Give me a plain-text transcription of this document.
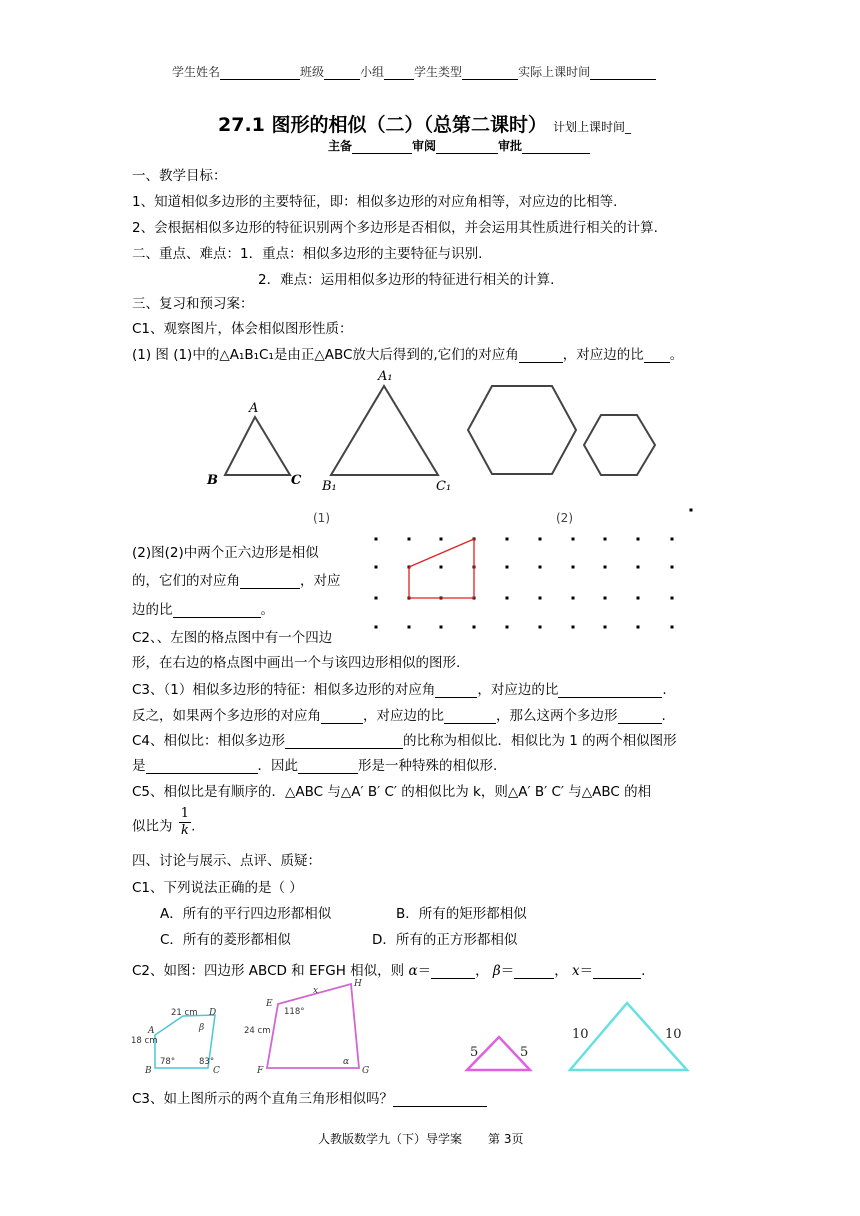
学生姓名	班级	小组	学生类型	实际上课时间
27.1 图形的相似（二）（总第二课时） 计划上课时间_
主备	审阅	审批
一、教学目标：
1、知道相似多边形的主要特征，即：相似多边形的对应角相等，对应边的比相等.
2、会根据相似多边形的特征识别两个多边形是否相似，并会运用其性质进行相关的计算.
二、重点、难点：1．重点：相似多边形的主要特征与识别.
2．难点：运用相似多边形的特征进行相关的计算.
三、复习和预习案：
C1、观察图片，体会相似图形性质：
(1) 图 (1)中的△A₁B₁C₁是由正△ABC放大后得到的,它们的对应角	，对应边的比 。
A
B	C
A₁
B₁	C₁
(1)	(2)
(2)图(2)中两个正六边形是相似
的，它们的对应角	，对应
边的比	。
C2、、左图的格点图中有一个四边
形，在右边的格点图中画出一个与该四边形相似的图形.
C3、（1）相似多边形的特征：相似多边形的对应角	，对应边的比	.
反之，如果两个多边形的对应角	，对应边的比	，那么这两个多边形	.
C4、相似比：相似多边形	的比称为相似比．相似比为 1 的两个相似图形
是	．因此	形是一种特殊的相似形.
C5、相似比是有顺序的．△ABC 与△A′ B′ C′ 的相似比为 k，则△A′ B′ C′ 与△ABC 的相
似比为 $\frac{1}{k}$ .
四、讨论与展示、点评、质疑：
C1、下列说法正确的是（ ）
A．所有的平行四边形都相似	B．所有的矩形都相似
C．所有的菱形都相似	D．所有的正方形都相似
C2、如图：四边形 ABCD 和 EFGH 相似，则 α＝	， β＝	， x＝	.
21 cm
18 cm
78°	83°
118°
24 cm
A
B	C
D
β
E
F	G
H
x
α
5	5
10	10
C3、如上图所示的两个直角三角形相似吗？
人教版数学九（下）导学案 第 3页
